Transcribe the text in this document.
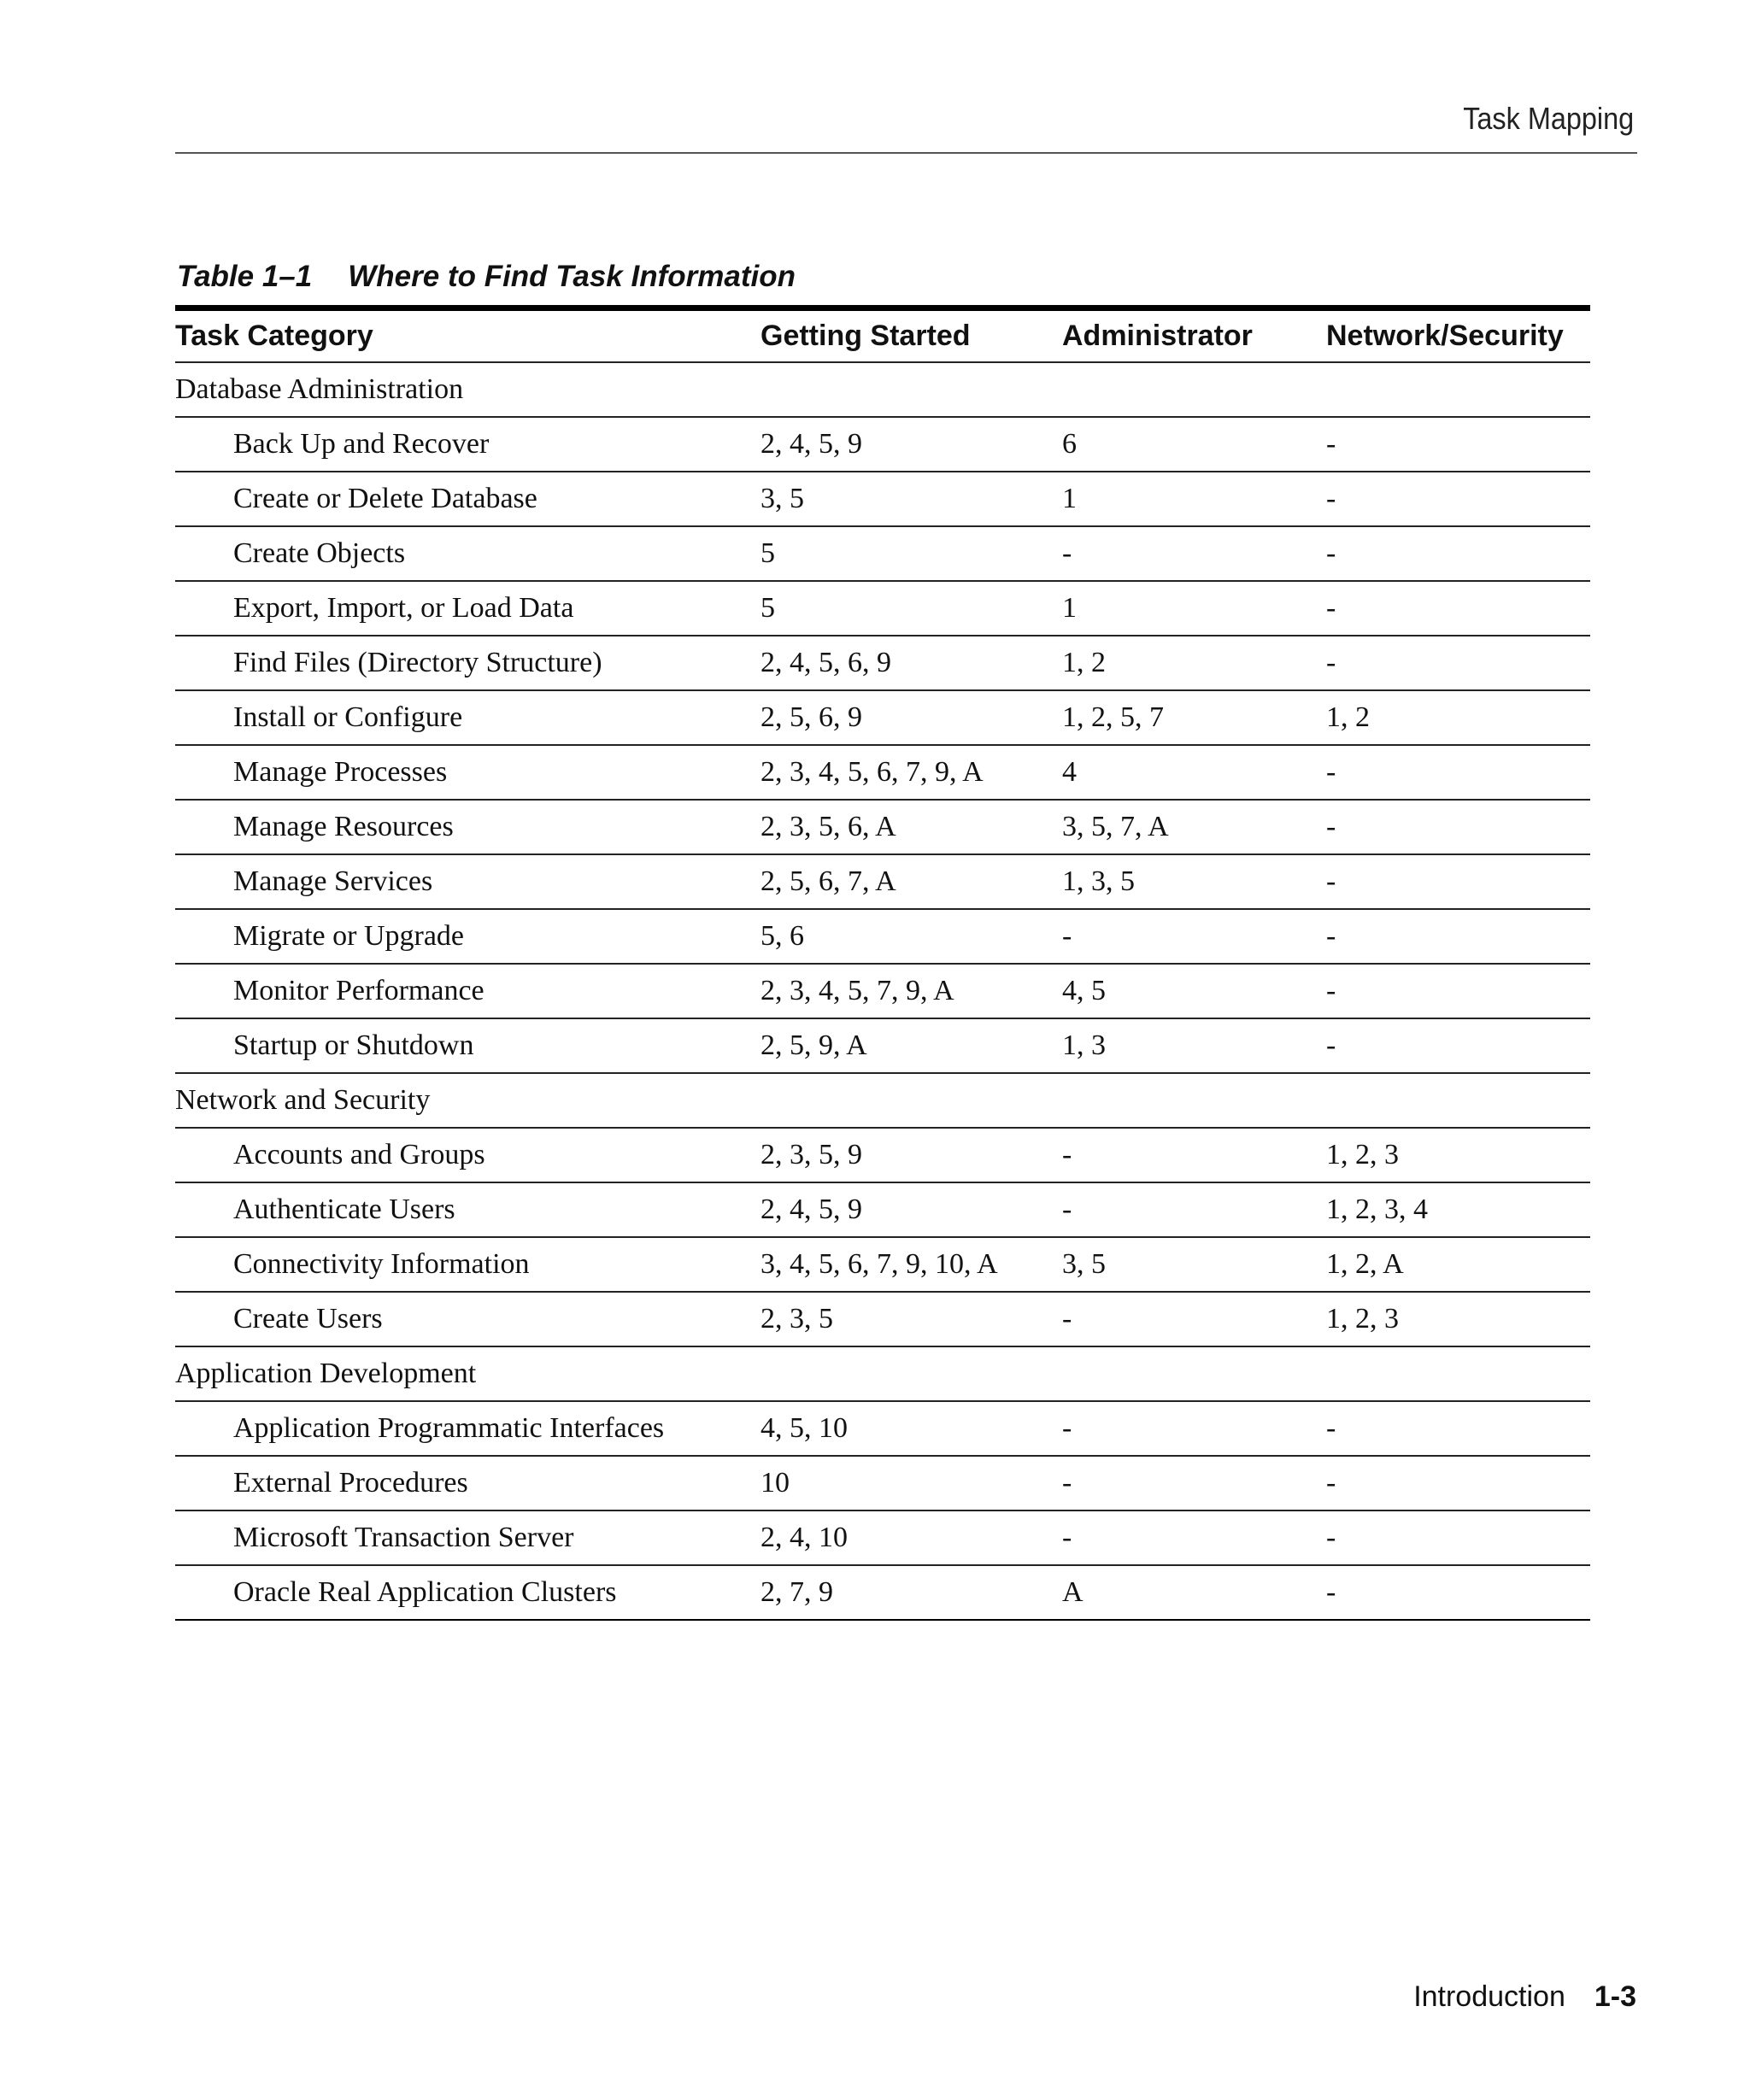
Task Mapping
Table 1–1 Where to Find Task Information
Task Category	Getting Started	Administrator	Network/Security
Database Administration			
Back Up and Recover	2, 4, 5, 9	6	-
Create or Delete Database	3, 5	1	-
Create Objects	5	-	-
Export, Import, or Load Data	5	1	-
Find Files (Directory Structure)	2, 4, 5, 6, 9	1, 2	-
Install or Configure	2, 5, 6, 9	1, 2, 5, 7	1, 2
Manage Processes	2, 3, 4, 5, 6, 7, 9, A	4	-
Manage Resources	2, 3, 5, 6, A	3, 5, 7, A	-
Manage Services	2, 5, 6, 7, A	1, 3, 5	-
Migrate or Upgrade	5, 6	-	-
Monitor Performance	2, 3, 4, 5, 7, 9, A	4, 5	-
Startup or Shutdown	2, 5, 9, A	1, 3	-
Network and Security			
Accounts and Groups	2, 3, 5, 9	-	1, 2, 3
Authenticate Users	2, 4, 5, 9	-	1, 2, 3, 4
Connectivity Information	3, 4, 5, 6, 7, 9, 10, A	3, 5	1, 2, A
Create Users	2, 3, 5	-	1, 2, 3
Application Development			
Application Programmatic Interfaces	4, 5, 10	-	-
External Procedures	10	-	-
Microsoft Transaction Server	2, 4, 10	-	-
Oracle Real Application Clusters	2, 7, 9	A	-
Introduction 1-3
